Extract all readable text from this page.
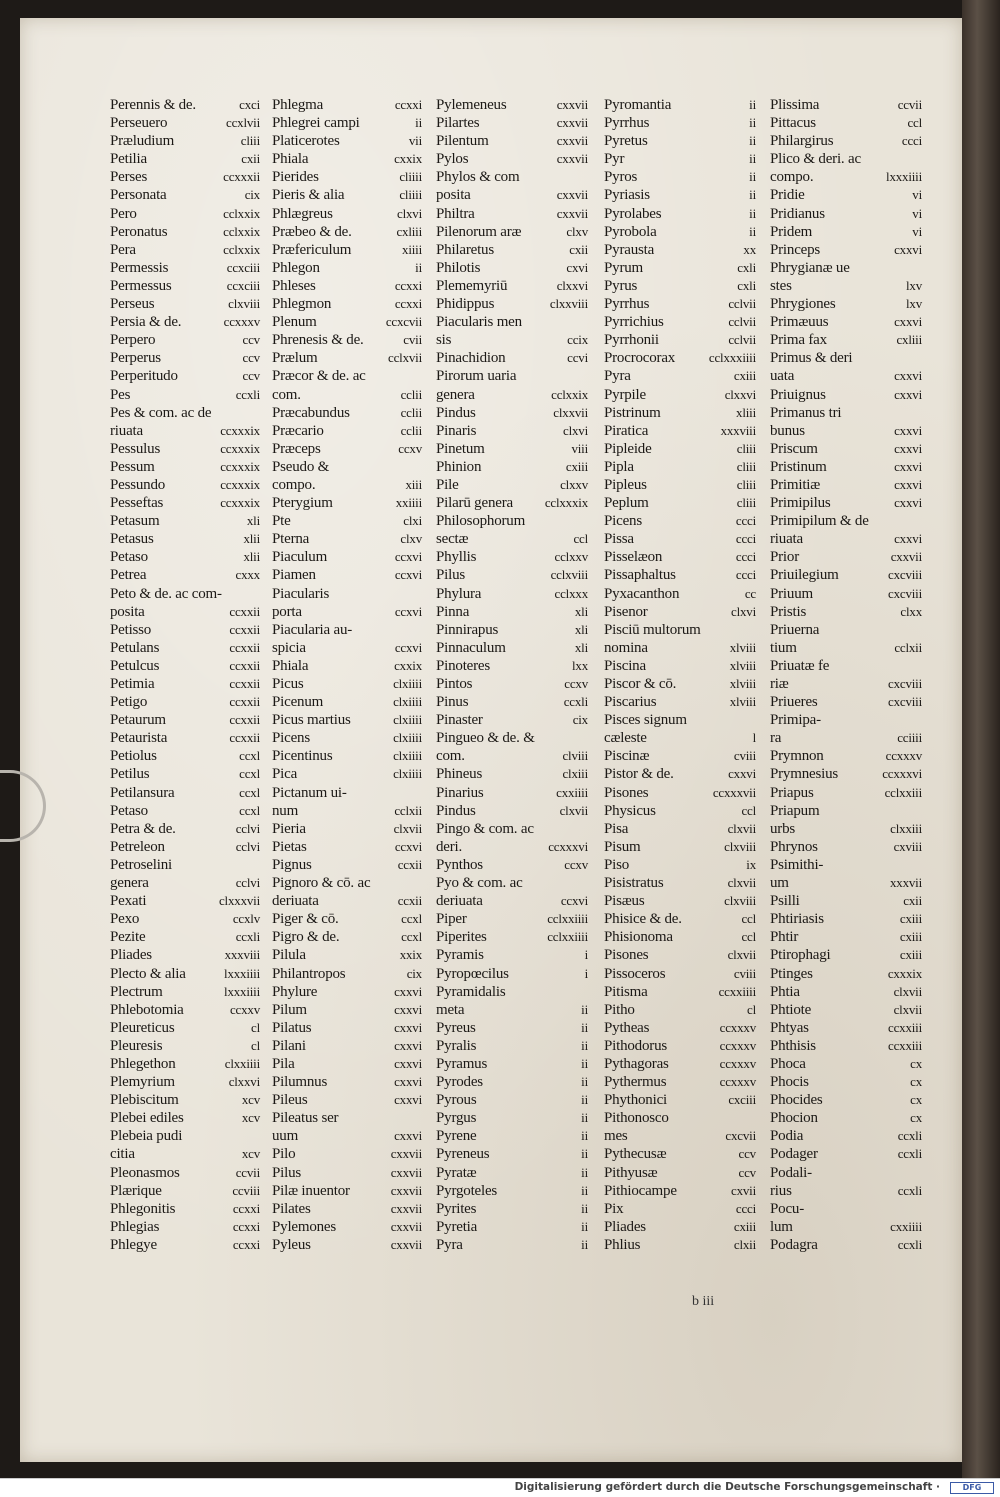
Perennis & de.	cxci
Perseuero	ccxlvii
Præludium	cliii
Petilia	cxii
Perses	ccxxxii
Personata	cix
Pero	cclxxix
Peronatus	cclxxix
Pera	cclxxix
Permessis	ccxciii
Permessus	ccxciii
Perseus	clxviii
Persia & de.	ccxxxv
Perpero	ccv
Perperus	ccv
Perperitudo	ccv
Pes	ccxli
Pes & com. ac de
riuata	ccxxxix
Pessulus	ccxxxix
Pessum	ccxxxix
Pessundo	ccxxxix
Pesseftas	ccxxxix
Petasum	xli
Petasus	xlii
Petaso	xlii
Petrea	cxxx
Peto & de. ac com-
posita	ccxxii
Petisso	ccxxii
Petulans	ccxxii
Petulcus	ccxxii
Petimia	ccxxii
Petigo	ccxxii
Petaurum	ccxxii
Petaurista	ccxxii
Petiolus	ccxl
Petilus	ccxl
Petilansura	ccxl
Petaso	ccxl
Petra & de.	cclvi
Petreleon	cclvi
Petroselini
genera	cclvi
Pexati	clxxxvii
Pexo	ccxlv
Pezite	ccxli
Pliades	xxxviii
Plecto & alia	lxxxiiii
Plectrum	lxxxiiii
Phlebotomia	ccxxv
Pleureticus	cl
Pleuresis	cl
Phlegethon	clxxiiii
Plemyrium	clxxvi
Plebiscitum	xcv
Plebei ediles	xcv
Plebeia pudi
citia	xcv
Pleonasmos	ccvii
Plærique	ccviii
Phlegonitis	ccxxi
Phlegias	ccxxi
Phlegye	ccxxi
Phlegma	ccxxi
Phlegrei campi	ii
Platicerotes	vii
Phiala	cxxix
Pierides	cliiii
Pieris & alia	cliiii
Phlægreus	clxvi
Præbeo & de.	cxliii
Præfericulum	xiiii
Phlegon	ii
Phleses	ccxxi
Phlegmon	ccxxi
Plenum	ccxcvii
Phrenesis & de.	cvii
Prælum	cclxvii
Præcor & de. ac
com.	cclii
Præcabundus	cclii
Præcario	cclii
Præceps	ccxv
Pseudo &
compo.	xiii
Pterygium	xxiiii
Pte	clxi
Pterna	clxv
Piaculum	ccxvi
Piamen	ccxvi
Piacularis
porta	ccxvi
Piacularia au-
spicia	ccxvi
Phiala	cxxix
Picus	clxiiii
Picenum	clxiiii
Picus martius	clxiiii
Picens	clxiiii
Picentinus	clxiiii
Pica	clxiiii
Pictanum ui-
num	cclxii
Pieria	clxvii
Pietas	ccxvi
Pignus	ccxii
Pignoro & cō. ac
deriuata	ccxii
Piger & cō.	ccxl
Pigro & de.	ccxl
Pilula	xxix
Philantropos	cix
Phylure	cxxvi
Pilum	cxxvi
Pilatus	cxxvi
Pilani	cxxvi
Pila	cxxvi
Pilumnus	cxxvi
Pileus	cxxvi
Pileatus ser
uum	cxxvi
Pilo	cxxvii
Pilus	cxxvii
Pilæ inuentor	cxxvii
Pilates	cxxvii
Pylemones	cxxvii
Pyleus	cxxvii
Pylemeneus	cxxvii
Pilartes	cxxvii
Pilentum	cxxvii
Pylos	cxxvii
Phylos & com
posita	cxxvii
Philtra	cxxvii
Pilenorum aræ	clxv
Philaretus	cxii
Philotis	cxvi
Plememyriū	clxxvi
Phidippus	clxxviii
Piacularis men
sis	ccix
Pinachidion	ccvi
Pirorum uaria
genera	cclxxix
Pindus	clxxvii
Pinaris	clxvi
Pinetum	viii
Phinion	cxiii
Pile	clxxv
Pilarū genera cclxxxix
Philosophorum
sectæ	ccl
Phyllis	cclxxv
Pilus	cclxviii
Phylura	cclxxx
Pinna	xli
Pinnirapus	xli
Pinnaculum	xli
Pinoteres	lxx
Pintos	ccxv
Pinus	ccxli
Pinaster	cix
Pingueo & de. &
com.	clviii
Phineus	clxiii
Pinarius	cxxiiii
Pindus	clxvii
Pingo & com. ac
deri.	ccxxxvi
Pynthos	ccxv
Pyo & com. ac
deriuata	ccxvi
Piper	cclxxiiii
Piperites	cclxxiiii
Pyramis	i
Pyropœcilus	i
Pyramidalis
meta	ii
Pyreus	ii
Pyralis	ii
Pyramus	ii
Pyrodes	ii
Pyrous	ii
Pyrgus	ii
Pyrene	ii
Pyreneus	ii
Pyratæ	ii
Pyrgoteles	ii
Pyrites	ii
Pyretia	ii
Pyra	ii
Pyromantia	ii
Pyrrhus	ii
Pyretus	ii
Pyr	ii
Pyros	ii
Pyriasis	ii
Pyrolabes	ii
Pyrobola	ii
Pyrausta	xx
Pyrum	cxli
Pyrus	cxli
Pyrrhus	cclvii
Pyrrichius	cclvii
Pyrrhonii	cclvii
Procrocorax	cclxxxiiii
Pyra	cxiii
Pyrpile	clxxvi
Pistrinum	xliii
Piratica	xxxviii
Pipleide	cliii
Pipla	cliii
Pipleus	cliii
Peplum	cliii
Picens	ccci
Pissa	ccci
Pisselæon	ccci
Pissaphaltus	ccci
Pyxacanthon	cc
Pisenor	clxvi
Pisciū multorum
nomina	xlviii
Piscina	xlviii
Piscor & cō.	xlviii
Piscarius	xlviii
Pisces signum
cæleste	l
Piscinæ	cviii
Pistor & de.	cxxvi
Pisones	ccxxxvii
Physicus	ccl
Pisa	clxvii
Pisum	clxviii
Piso	ix
Pisistratus	clxvii
Pisæus	clxviii
Phisice & de.	ccl
Phisionoma	ccl
Pisones	clxvii
Pissoceros	cviii
Pitisma	ccxxiiii
Pitho	cl
Pytheas	ccxxxv
Pithodorus	ccxxxv
Pythagoras	ccxxxv
Pythermus	ccxxxv
Phythonici	cxciii
Pithonosco
mes	cxcvii
Pythecusæ	ccv
Pithyusæ	ccv
Pithiocampe	cxvii
Pix	ccci
Pliades	cxiii
Phlius	clxii
Plissima	ccvii
Pittacus	ccl
Philargirus	ccci
Plico & deri. ac
compo.	lxxxiiii
Pridie	vi
Pridianus	vi
Pridem	vi
Princeps	cxxvi
Phrygianæ ue
stes	lxv
Phrygiones	lxv
Primæuus	cxxvi
Prima fax	cxliii
Primus & deri
uata	cxxvi
Priuignus	cxxvi
Primanus tri
bunus	cxxvi
Priscum	cxxvi
Pristinum	cxxvi
Primitiæ	cxxvi
Primipilus	cxxvi
Primipilum & de
riuata	cxxvi
Prior	cxxvii
Priuilegium	cxcviii
Priuum	cxcviii
Pristis	clxx
Priuerna
tium	cclxii
Priuatæ fe
riæ	cxcviii
Priueres	cxcviii
Primipa-
ra	cciiii
Prymnon	ccxxxv
Prymnesius	ccxxxvi
Priapus	cclxxiii
Priapum
urbs	clxxiii
Phrynos	cxviii
Psimithi-
um	xxxvii
Psilli	cxii
Phtiriasis	cxiii
Phtir	cxiii
Ptirophagi	cxiii
Ptinges	cxxxix
Phtia	clxvii
Phtiote	clxvii
Phtyas	ccxxiii
Phthisis	ccxxiii
Phoca	cx
Phocis	cx
Phocides	cx
Phocion	cx
Podia	ccxli
Podager	ccxli
Podali-
rius	ccxli
Pocu-
lum	cxxiiii
Podagra	ccxli
b iii
Digitalisierung gefördert durch die Deutsche Forschungsgemeinschaft ·	DFG
